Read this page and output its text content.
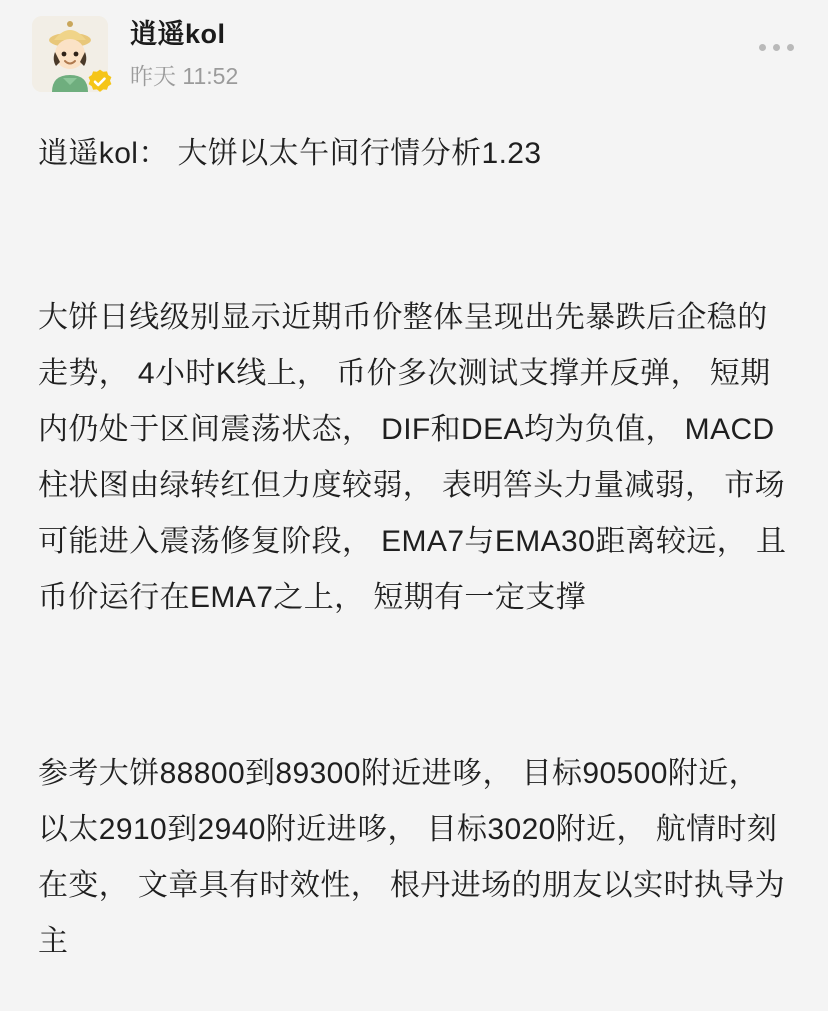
逍遥kol
昨天 11:52
逍遥kol： 大饼以太午间行情分析1.23
大饼日线级别显示近期币价整体呈现出先暴跌后企稳的走势， 4小时K线上， 币价多次测试支撑并反弹， 短期内仍处于区间震荡状态， DIF和DEA均为负值， MACD柱状图由绿转红但力度较弱， 表明筶头力量减弱， 市场可能进入震荡修复阶段， EMA7与EMA30距离较远， 且币价运行在EMA7之上， 短期有一定支撑
参考大饼88800到89300附近进哆， 目标90500附近， 以太2910到2940附近进哆， 目标3020附近， 航情时刻在变， 文章具有时效性， 根丹进场的朋友以实时执导为主
